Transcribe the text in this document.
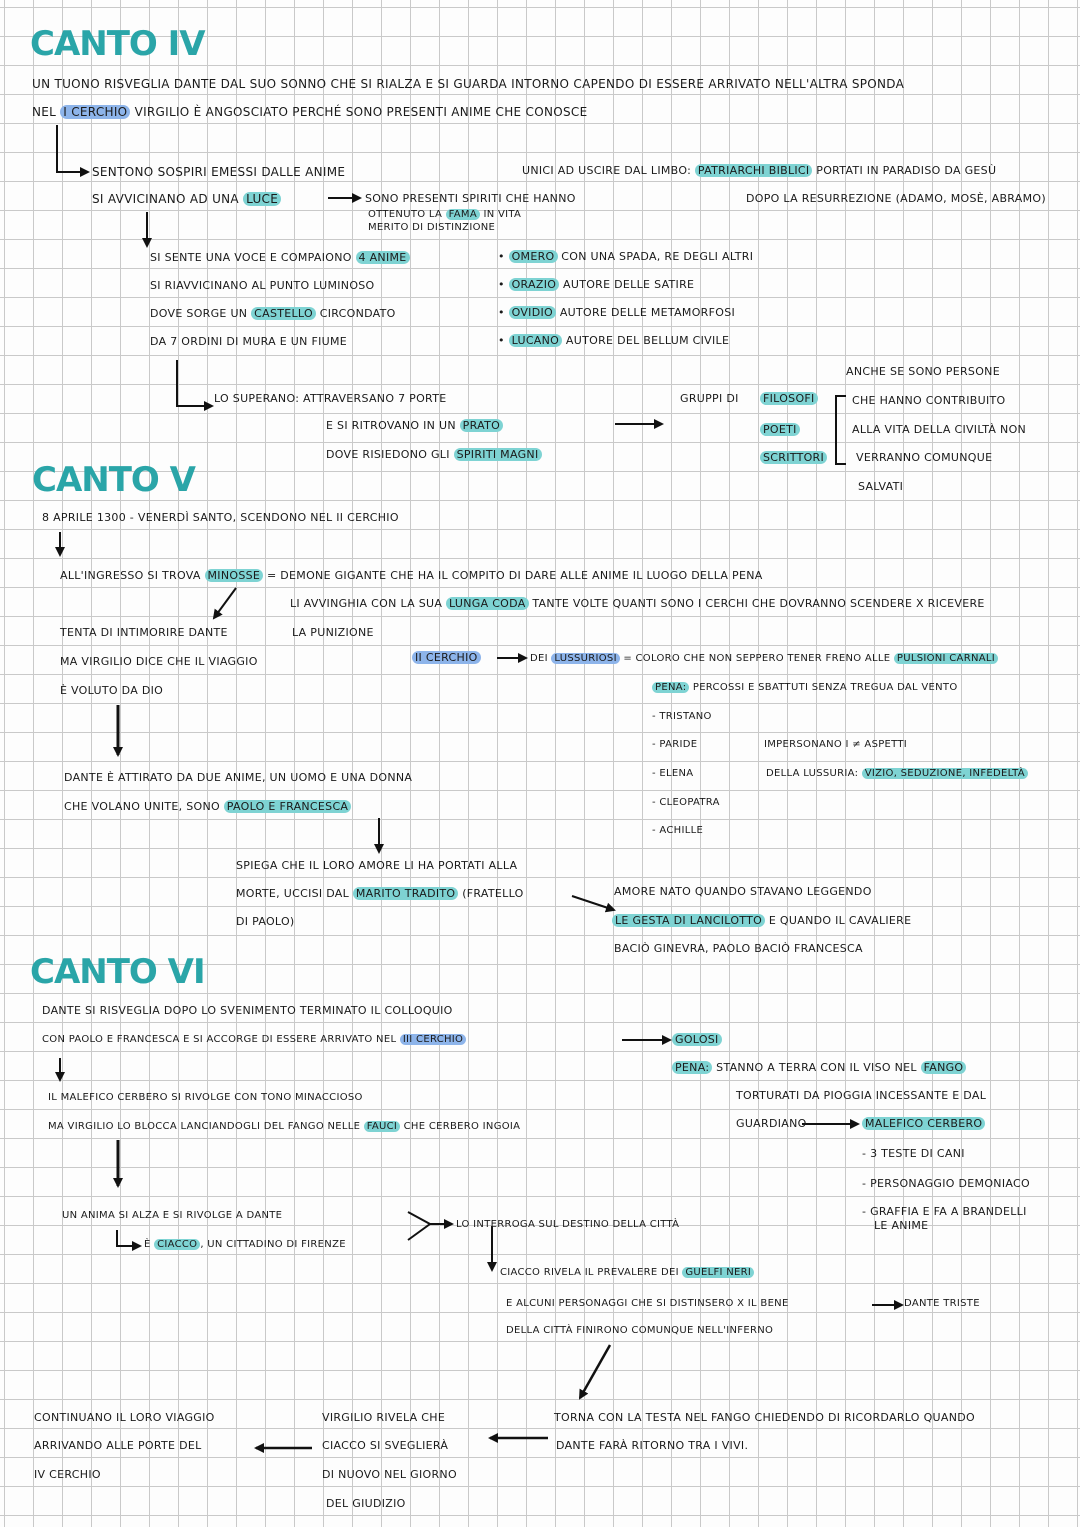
CANTO IV
UN TUONO RISVEGLIA DANTE DAL SUO SONNO CHE SI RIALZA E SI GUARDA INTORNO CAPENDO DI ESSERE ARRIVATO NELL'ALTRA SPONDA
NEL I CERCHIO VIRGILIO È ANGOSCIATO PERCHÉ SONO PRESENTI ANIME CHE CONOSCE
SENTONO SOSPIRI EMESSI DALLE ANIME
SI AVVICINANO AD UNA LUCE	SONO PRESENTI SPIRITI CHE HANNO
OTTENUTO LA FAMA IN VITA
MERITO DI DISTINZIONE
UNICI AD USCIRE DAL LIMBO: PATRIARCHI BIBLICI PORTATI IN PARADISO DA GESÙ
DOPO LA RESURREZIONE (ADAMO, MOSÈ, ABRAMO)
SI SENTE UNA VOCE E COMPAIONO 4 ANIME
SI RIAVVICINANO AL PUNTO LUMINOSO
DOVE SORGE UN CASTELLO CIRCONDATO
DA 7 ORDINI DI MURA E UN FIUME
• OMERO CON UNA SPADA, RE DEGLI ALTRI
• ORAZIO AUTORE DELLE SATIRE
• OVIDIO AUTORE DELLE METAMORFOSI
• LUCANO AUTORE DEL BELLUM CIVILE
LO SUPERANO: ATTRAVERSANO 7 PORTE
E SI RITROVANO IN UN PRATO
DOVE RISIEDONO GLI SPIRITI MAGNI
GRUPPI DI FILOSOFI
POETI
SCRITTORI
ANCHE SE SONO PERSONE
CHE HANNO CONTRIBUITO
ALLA VITA DELLA CIVILTÀ NON
VERRANNO COMUNQUE
SALVATI
CANTO V
8 APRILE 1300 - VENERDÌ SANTO, SCENDONO NEL II CERCHIO
ALL'INGRESSO SI TROVA MINOSSE = DEMONE GIGANTE CHE HA IL COMPITO DI DARE ALLE ANIME IL LUOGO DELLA PENA
LI AVVINGHIA CON LA SUA LUNGA CODA TANTE VOLTE QUANTI SONO I CERCHI CHE DOVRANNO SCENDERE X RICEVERE
LA PUNIZIONE
TENTA DI INTIMORIRE DANTE
MA VIRGILIO DICE CHE IL VIAGGIO
È VOLUTO DA DIO
II CERCHIO	DEI LUSSURIOSI = COLORO CHE NON SEPPERO TENER FRENO ALLE PULSIONI CARNALI
PENA: PERCOSSI E SBATTUTI SENZA TREGUA DAL VENTO
- TRISTANO
- PARIDE
- ELENA
- CLEOPATRA
- ACHILLE
IMPERSONANO I ≠ ASPETTI
DELLA LUSSURIA: VIZIO, SEDUZIONE, INFEDELTÀ
DANTE È ATTIRATO DA DUE ANIME, UN UOMO E UNA DONNA
CHE VOLANO UNITE, SONO PAOLO E FRANCESCA
SPIEGA CHE IL LORO AMORE LI HA PORTATI ALLA
MORTE, UCCISI DAL MARITO TRADITO (FRATELLO
DI PAOLO)
AMORE NATO QUANDO STAVANO LEGGENDO
LE GESTA DI LANCILOTTO E QUANDO IL CAVALIERE
BACIÒ GINEVRA, PAOLO BACIÒ FRANCESCA
CANTO VI
DANTE SI RISVEGLIA DOPO LO SVENIMENTO TERMINATO IL COLLOQUIO
CON PAOLO E FRANCESCA E SI ACCORGE DI ESSERE ARRIVATO NEL III CERCHIO	GOLOSI
PENA: STANNO A TERRA CON IL VISO NEL FANGO
TORTURATI DA PIOGGIA INCESSANTE E DAL
GUARDIANO	MALEFICO CERBERO
- 3 TESTE DI CANI
- PERSONAGGIO DEMONIACO
- GRAFFIA E FA A BRANDELLI
LE ANIME
IL MALEFICO CERBERO SI RIVOLGE CON TONO MINACCIOSO
MA VIRGILIO LO BLOCCA LANCIANDOGLI DEL FANGO NELLE FAUCI CHE CERBERO INGOIA
UN ANIMA SI ALZA E SI RIVOLGE A DANTE
È CIACCO , UN CITTADINO DI FIRENZE
LO INTERROGA SUL DESTINO DELLA CITTÀ
CIACCO RIVELA IL PREVALERE DEI GUELFI NERI
E ALCUNI PERSONAGGI CHE SI DISTINSERO X IL BENE	DANTE TRISTE
DELLA CITTÀ FINIRONO COMUNQUE NELL'INFERNO
TORNA CON LA TESTA NEL FANGO CHIEDENDO DI RICORDARLO QUANDO
DANTE FARÀ RITORNO TRA I VIVI.
VIRGILIO RIVELA CHE
CIACCO SI SVEGLIERÀ
DI NUOVO NEL GIORNO
DEL GIUDIZIO
CONTINUANO IL LORO VIAGGIO
ARRIVANDO ALLE PORTE DEL
IV CERCHIO
